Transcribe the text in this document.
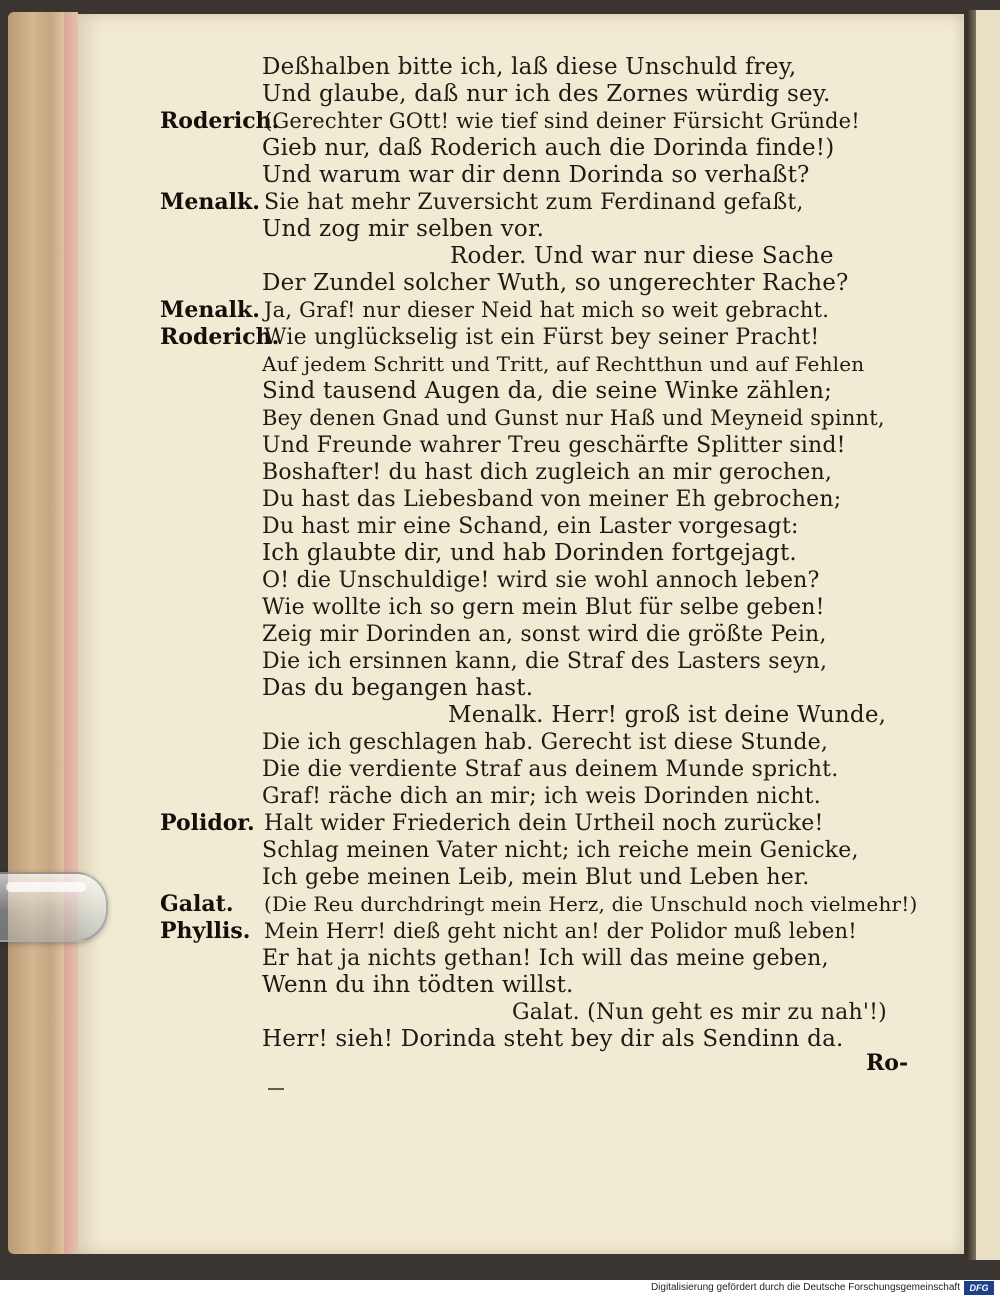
Deßhalben bitte ich, laß diese Unschuld frey,
Und glaube, daß nur ich des Zornes würdig sey.
Roderich.
(Gerechter GOtt! wie tief sind deiner Fürsicht Gründe!
Gieb nur, daß Roderich auch die Dorinda finde!)
Und warum war dir denn Dorinda so verhaßt?
Menalk. Sie hat mehr Zuversicht zum Ferdinand gefaßt,
Und zog mir selben vor.
Roder. Und war nur diese Sache
Der Zundel solcher Wuth, so ungerechter Rache?
Menalk. Ja, Graf! nur dieser Neid hat mich so weit gebracht.
Roderich.
Wie unglückselig ist ein Fürst bey seiner Pracht!
Auf jedem Schritt und Tritt, auf Rechtthun und auf Fehlen
Sind tausend Augen da, die seine Winke zählen;
Bey denen Gnad und Gunst nur Haß und Meyneid spinnt,
Und Freunde wahrer Treu geschärfte Splitter sind!
Boshafter! du hast dich zugleich an mir gerochen,
Du hast das Liebesband von meiner Eh gebrochen;
Du hast mir eine Schand, ein Laster vorgesagt:
Ich glaubte dir, und hab Dorinden fortgejagt.
O! die Unschuldige! wird sie wohl annoch leben?
Wie wollte ich so gern mein Blut für selbe geben!
Zeig mir Dorinden an, sonst wird die größte Pein,
Die ich ersinnen kann, die Straf des Lasters seyn,
Das du begangen hast.
Menalk. Herr! groß ist deine Wunde,
Die ich geschlagen hab. Gerecht ist diese Stunde,
Die die verdiente Straf aus deinem Munde spricht.
Graf! räche dich an mir; ich weis Dorinden nicht.
Polidor. Halt wider Friederich dein Urtheil noch zurücke!
Schlag meinen Vater nicht; ich reiche mein Genicke,
Ich gebe meinen Leib, mein Blut und Leben her.
Galat. (Die Reu durchdringt mein Herz, die Unschuld noch vielmehr!)
Phyllis. Mein Herr! dieß geht nicht an! der Polidor muß leben!
Er hat ja nichts gethan! Ich will das meine geben,
Wenn du ihn tödten willst.
Galat. (Nun geht es mir zu nah'!)
Herr! sieh! Dorinda steht bey dir als Sendinn da.
Ro-
Digitalisierung gefördert durch die Deutsche Forschungsgemeinschaft	DFG
